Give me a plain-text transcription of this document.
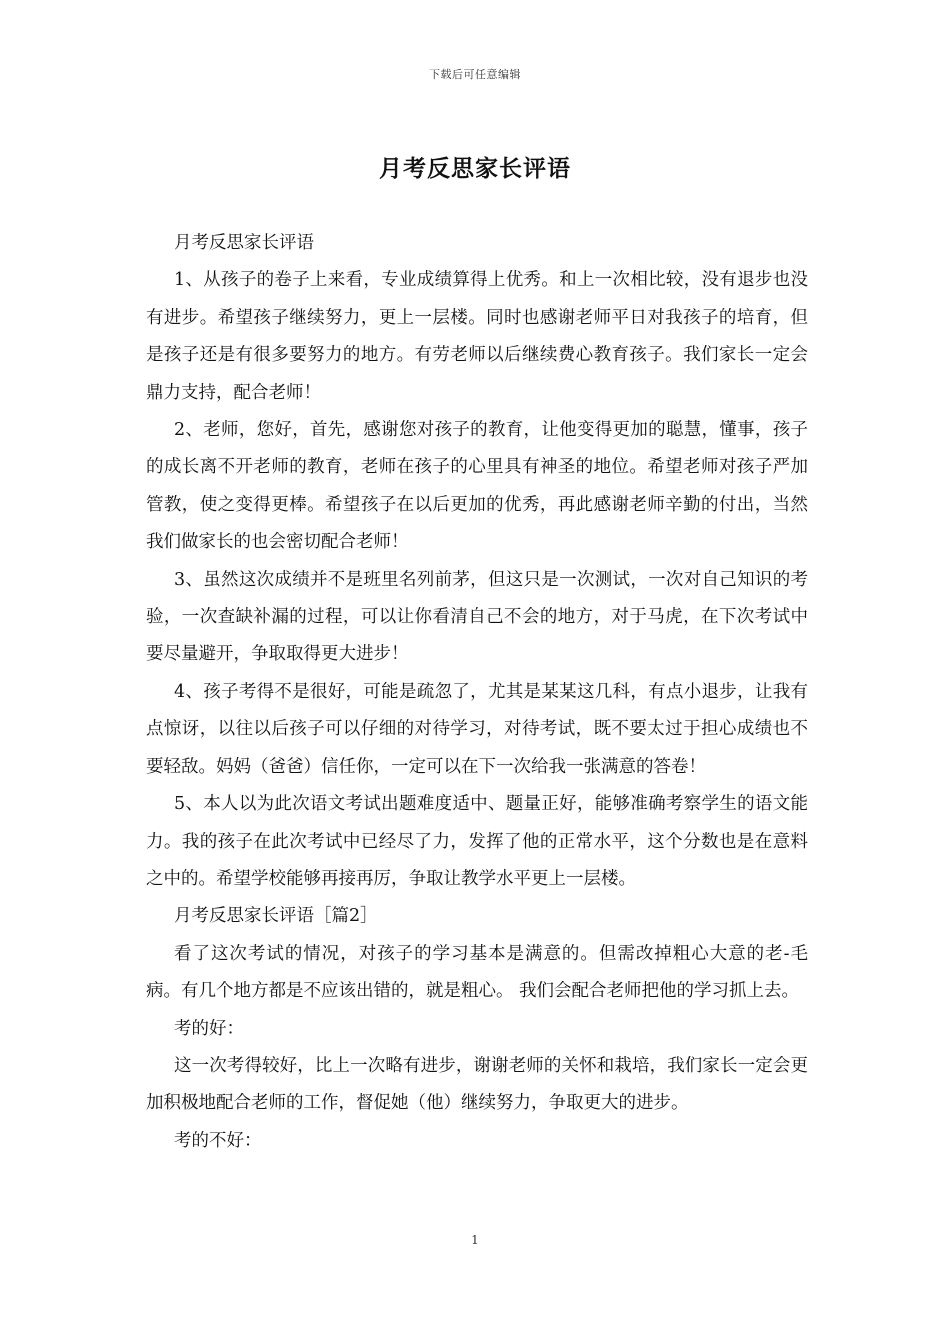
下载后可任意编辑
月考反思家长评语

月考反思家长评语

1、从孩子的卷子上来看，专业成绩算得上优秀。和上一次相比较，没有退步也没有进步。希望孩子继续努力，更上一层楼。同时也感谢老师平日对我孩子的培育，但是孩子还是有很多要努力的地方。有劳老师以后继续费心教育孩子。我们家长一定会鼎力支持，配合老师！

2、老师，您好，首先，感谢您对孩子的教育，让他变得更加的聪慧，懂事，孩子的成长离不开老师的教育，老师在孩子的心里具有神圣的地位。希望老师对孩子严加管教，使之变得更棒。希望孩子在以后更加的优秀，再此感谢老师辛勤的付出，当然我们做家长的也会密切配合老师！

3、虽然这次成绩并不是班里名列前茅，但这只是一次测试，一次对自己知识的考验，一次查缺补漏的过程，可以让你看清自己不会的地方，对于马虎，在下次考试中要尽量避开，争取取得更大进步！

4、孩子考得不是很好，可能是疏忽了，尤其是某某这几科，有点小退步，让我有点惊讶，以往以后孩子可以仔细的对待学习，对待考试，既不要太过于担心成绩也不要轻敌。妈妈（爸爸）信任你，一定可以在下一次给我一张满意的答卷！

5、本人以为此次语文考试出题难度适中、题量正好，能够准确考察学生的语文能力。我的孩子在此次考试中已经尽了力，发挥了他的正常水平，这个分数也是在意料之中的。希望学校能够再接再厉，争取让教学水平更上一层楼。

月考反思家长评语［篇2］

看了这次考试的情况，对孩子的学习基本是满意的。但需改掉粗心大意的老-毛病。有几个地方都是不应该出错的，就是粗心。 我们会配合老师把他的学习抓上去。

考的好：

这一次考得较好，比上一次略有进步，谢谢老师的关怀和栽培，我们家长一定会更加积极地配合老师的工作，督促她（他）继续努力，争取更大的进步。

考的不好：

1
